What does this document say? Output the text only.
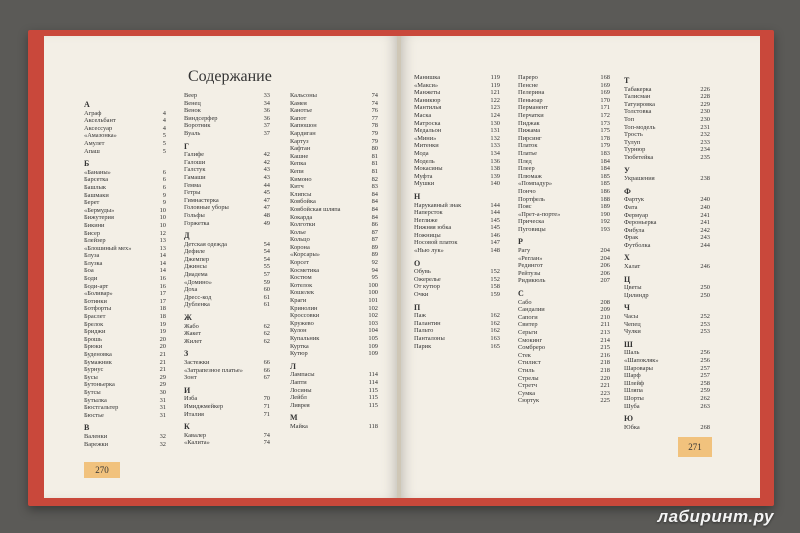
Содержание
А
Аграф	4
Аксельбант	4
Аксессуар	4
«Амазонка»	5
Амулет	5
Апаш	5
Б
«Бананы»	6
Барсетка	6
Башлык	6
Башмаки	9
Берет	9
«Бермуды»	10
Бижутерия	10
Бикини	10
Бисер	12
Блейзер	13
«Блошиный мех»	13
Блуза	14
Блузка	14
Боа	14
Боди	16
Боди-арт	16
«Боливар»	17
Ботинки	17
Ботфорты	18
Браслет	18
Брелок	19
Бриджи	19
Брошь	20
Брюки	20
Буденовка	21
Бумажник	21
Бурнус	21
Бусы	29
Бутоньерка	29
Бутсы	30
Бутылка	31
Бюстгальтер	31
Бюстье	31
В
Валенки	32
Варежки	32
Веер	33
Венец	34
Венок	36
Виндсерфер	36
Воротник	37
Вуаль	37
Г
Галифе	42
Галоши	42
Галстук	43
Гамаши	43
Гемма	44
Гетры	45
Гимнастерка	47
Головные уборы	47
Гольфы	48
Горжетка	49
Д
Детская одежда	54
Дефиле	54
Джемпер	54
Джинсы	55
Диадема	57
«Домино»	59
Доха	60
Дресс-код	61
Дубленка	61
Ж
Жабо	62
Жакет	62
Жилет	62
З
Застежки	66
«Затрапезное платье»	66
Зонт	67
И
Изба	70
Имиджмейкер	71
Италия	71
К
Кавалер	74
«Калита»	74
Кальсоны	74
Камея	74
Канотье	76
Капот	77
Капюшон	78
Кардиган	79
Картуз	79
Кафтан	80
Кашне	81
Кепка	81
Кепи	81
Кимоно	82
Китч	83
Клипсы	84
Ковбойка	84
Ковбойская шляпа	84
Кокарда	84
Колготки	86
Колье	87
Кольцо	87
Корона	89
«Корсары»	89
Корсет	92
Косметика	94
Костюм	95
Котелок	100
Кошелек	100
Краги	101
Кринолин	102
Кроссовки	102
Кружево	103
Кулон	104
Купальник	105
Куртка	109
Кутюр	109
Л
Лампасы	114
Лапти	114
Лосины	115
Лейбл	115
Ливрея	115
М
Майка	118
Манишка	119
«Макси»	119
Манжеты	121
Маникюр	122
Мантилья	123
Маска	124
Матроска	130
Медальон	131
«Мини»	132
Митенки	133
Мода	134
Модель	136
Мокасины	138
Муфта	139
Мушки	140
Н
Нарукавный знак	144
Наперсток	144
Неглиже	145
Нижняя юбка	145
Ножницы	146
Носовой платок	147
«Нью лук»	148
О
Обувь	152
Ожерелье	152
От кутюр	158
Очки	159
П
Паж	162
Палантин	162
Пальто	162
Панталоны	163
Парик	165
Пареро	168
Пенсне	169
Пелерина	169
Пеньюар	170
Перманент	171
Перчатки	172
Пиджак	173
Пижама	175
Пирсинг	178
Платок	179
Платье	183
Плед	184
Плеер	184
Плюмаж	185
«Помпадур»	185
Пончо	186
Портфель	188
Пояс	189
«Прет-а-порте»	190
Прическа	192
Пуговицы	193
Р
Рагу	204
«Реглан»	204
Редингот	206
Рейтузы	206
Ридикюль	207
С
Сабо	208
Сандалии	209
Сапоги	210
Свитер	211
Серьги	213
Смокинг	214
Сомбреро	215
Стек	216
Стилист	218
Стиль	218
Стрелы	220
Стретч	221
Сумка	223
Сюртук	225
Т
Табакерка	226
Талисман	228
Татуировка	229
Толстовка	230
Топ	230
Топ-модель	231
Трость	232
Тулуп	233
Турнюр	234
Тюбетейка	235
У
Украшения	238
Ф
Фартук	240
Фата	240
Фермуар	241
Фероньерка	241
Фибула	242
Фрак	243
Футболка	244
Х
Халат	246
Ц
Цветы	250
Цилиндр	250
Ч
Часы	252
Чепец	253
Чулки	253
Ш
Шаль	256
«Шапокляк»	256
Шаровары	257
Шарф	257
Шлейф	258
Шляпа	259
Шорты	262
Шуба	263
Ю
Юбка	268
270
271
лабиринт.ру
